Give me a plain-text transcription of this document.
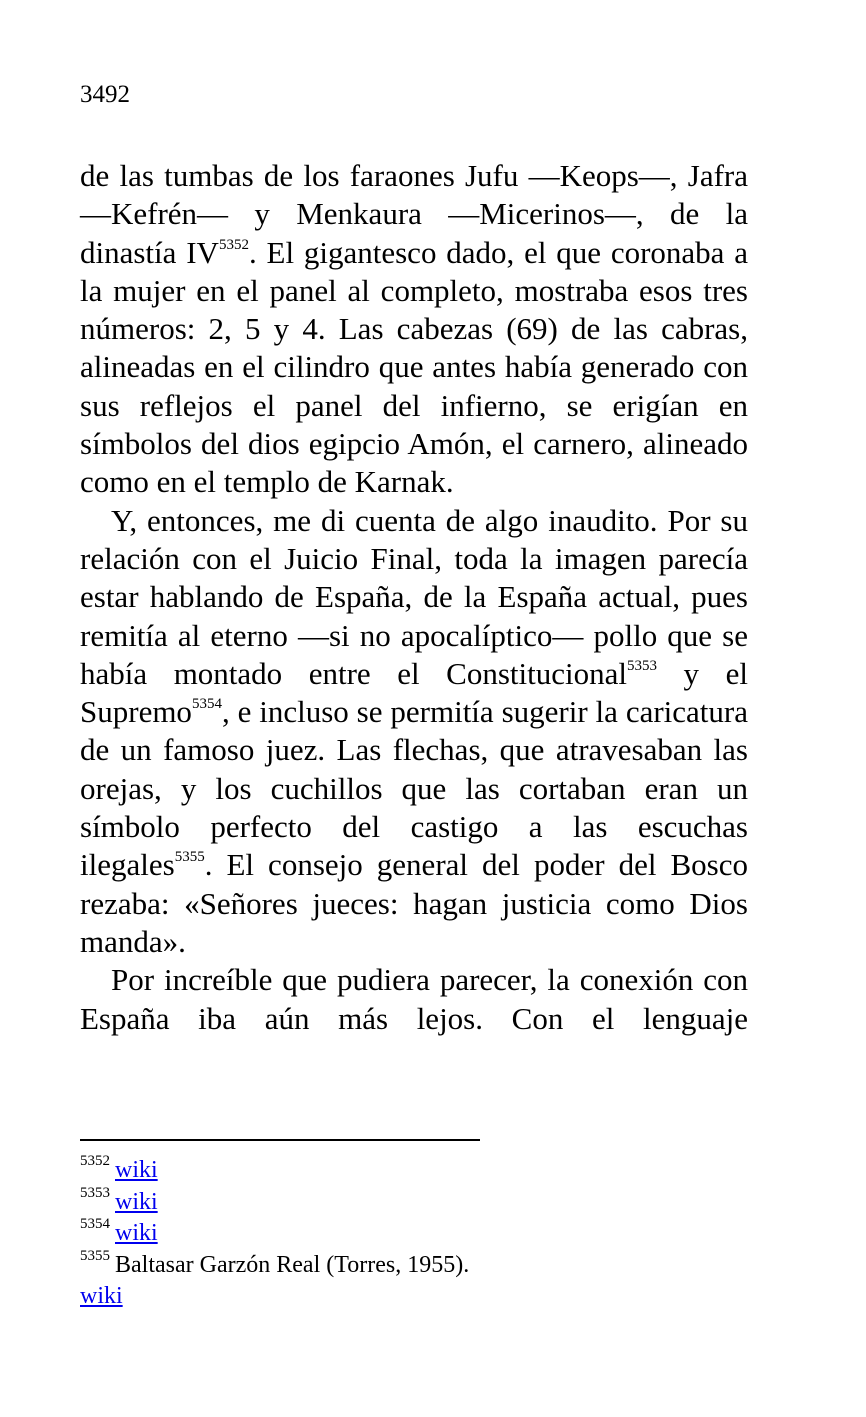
3492

de las tumbas de los faraones Jufu —Keops—, Jafra —Kefrén— y Menkaura —Micerinos—, de la dinastía IV$^{5352}$. El gigantesco dado, el que coronaba a la mujer en el panel al completo, mostraba esos tres números: 2, 5 y 4. Las cabezas (69) de las cabras, alineadas en el cilindro que antes había generado con sus reflejos el panel del infierno, se erigían en símbolos del dios egipcio Amón, el carnero, alineado como en el templo de Karnak.

Y, entonces, me di cuenta de algo inaudito. Por su relación con el Juicio Final, toda la imagen parecía estar hablando de España, de la España actual, pues remitía al eterno —si no apocalíptico— pollo que se había montado entre el Constitucional$^{5353}$ y el Supremo$^{5354}$, e incluso se permitía sugerir la caricatura de un famoso juez. Las flechas, que atravesaban las orejas, y los cuchillos que las cortaban eran un símbolo perfecto del castigo a las escuchas ilegales$^{5355}$. El consejo general del poder del Bosco rezaba: «Señores jueces: hagan justicia como Dios manda».

Por increíble que pudiera parecer, la conexión con España iba aún más lejos. Con el lenguaje

$^{5352}$ wiki

$^{5353}$ wiki

$^{5354}$ wiki

$^{5355}$ Baltasar Garzón Real (Torres, 1955).

wiki
